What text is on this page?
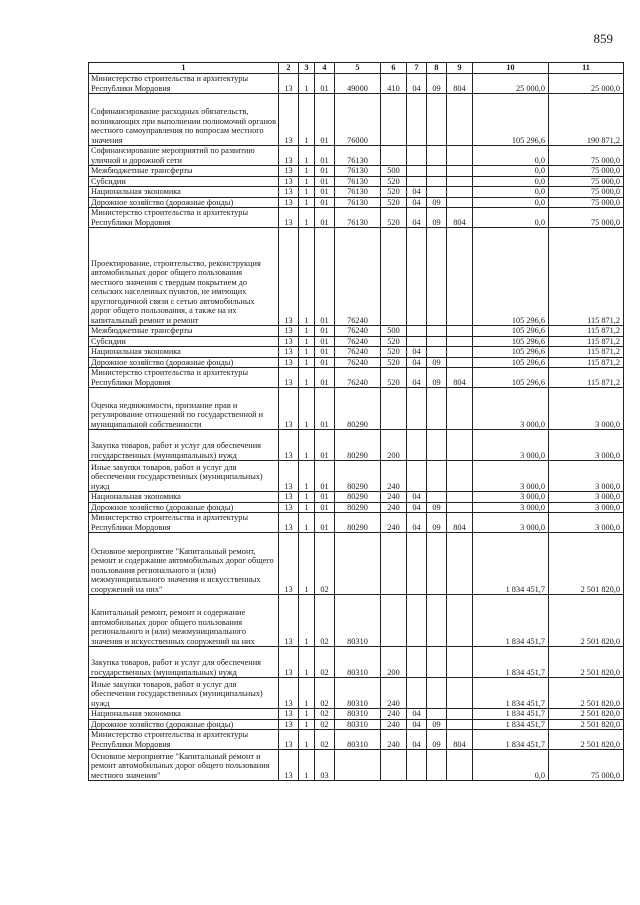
859
1	2	3	4	5	6	7	8	9	10	11
Министерство строительства и архитектуры Республики Мордовия	13	1	01	49000	410	04	09	804	25 000,0	25 000,0
Софинансирование расходных обязательств, возникающих при выполнении полномочий органов местного самоуправления по вопросам местного значения	13	1	01	76000					105 296,6	190 871,2
Софинансирование мероприятий по развитию уличной и дорожной сети	13	1	01	76130					0,0	75 000,0
Межбюджетные трансферты	13	1	01	76130	500				0,0	75 000,0
Субсидии	13	1	01	76130	520				0,0	75 000,0
Национальная экономика	13	1	01	76130	520	04			0,0	75 000,0
Дорожное хозяйство (дорожные фонды)	13	1	01	76130	520	04	09		0,0	75 000,0
Министерство строительства и архитектуры Республики Мордовия	13	1	01	76130	520	04	09	804	0,0	75 000,0
Проектирование, строительство, реконструкция автомобильных дорог общего пользования местного значения с твердым покрытием до сельских населенных пунктов, не имеющих круглогодичной связи с сетью автомобильных дорог общего пользования, а также на их капитальный ремонт и ремонт	13	1	01	76240					105 296,6	115 871,2
Межбюджетные трансферты	13	1	01	76240	500				105 296,6	115 871,2
Субсидии	13	1	01	76240	520				105 296,6	115 871,2
Национальная экономика	13	1	01	76240	520	04			105 296,6	115 871,2
Дорожное хозяйство (дорожные фонды)	13	1	01	76240	520	04	09		105 296,6	115 871,2
Министерство строительства и архитектуры Республики Мордовия	13	1	01	76240	520	04	09	804	105 296,6	115 871,2
Оценка недвижимости, признание прав и регулирование отношений по государственной и муниципальной собственности	13	1	01	80290					3 000,0	3 000,0
Закупка товаров, работ и услуг для обеспечения государственных (муниципальных) нужд	13	1	01	80290	200				3 000,0	3 000,0
Иные закупки товаров, работ и услуг для обеспечения государственных (муниципальных) нужд	13	1	01	80290	240				3 000,0	3 000,0
Национальная экономика	13	1	01	80290	240	04			3 000,0	3 000,0
Дорожное хозяйство (дорожные фонды)	13	1	01	80290	240	04	09		3 000,0	3 000,0
Министерство строительства и архитектуры Республики Мордовия	13	1	01	80290	240	04	09	804	3 000,0	3 000,0
Основное мероприятие "Капитальный ремонт, ремонт и содержание автомобильных дорог общего пользования регионального и (или) межмуниципального значения и искусственных сооружений на них"	13	1	02						1 834 451,7	2 501 820,0
Капитальный ремонт, ремонт и содержание автомобильных дорог общего пользования регионального и (или) межмуниципального значения и искусственных сооружений на них	13	1	02	80310					1 834 451,7	2 501 820,0
Закупка товаров, работ и услуг для обеспечения государственных (муниципальных) нужд	13	1	02	80310	200				1 834 451,7	2 501 820,0
Иные закупки товаров, работ и услуг для обеспечения государственных (муниципальных) нужд	13	1	02	80310	240				1 834 451,7	2 501 820,0
Национальная экономика	13	1	02	80310	240	04			1 834 451,7	2 501 820,0
Дорожное хозяйство (дорожные фонды)	13	1	02	80310	240	04	09		1 834 451,7	2 501 820,0
Министерство строительства и архитектуры Республики Мордовия	13	1	02	80310	240	04	09	804	1 834 451,7	2 501 820,0
Основное мероприятие "Капитальный ремонт и ремонт автомобильных дорог общего пользования местного значения"	13	1	03						0,0	75 000,0
